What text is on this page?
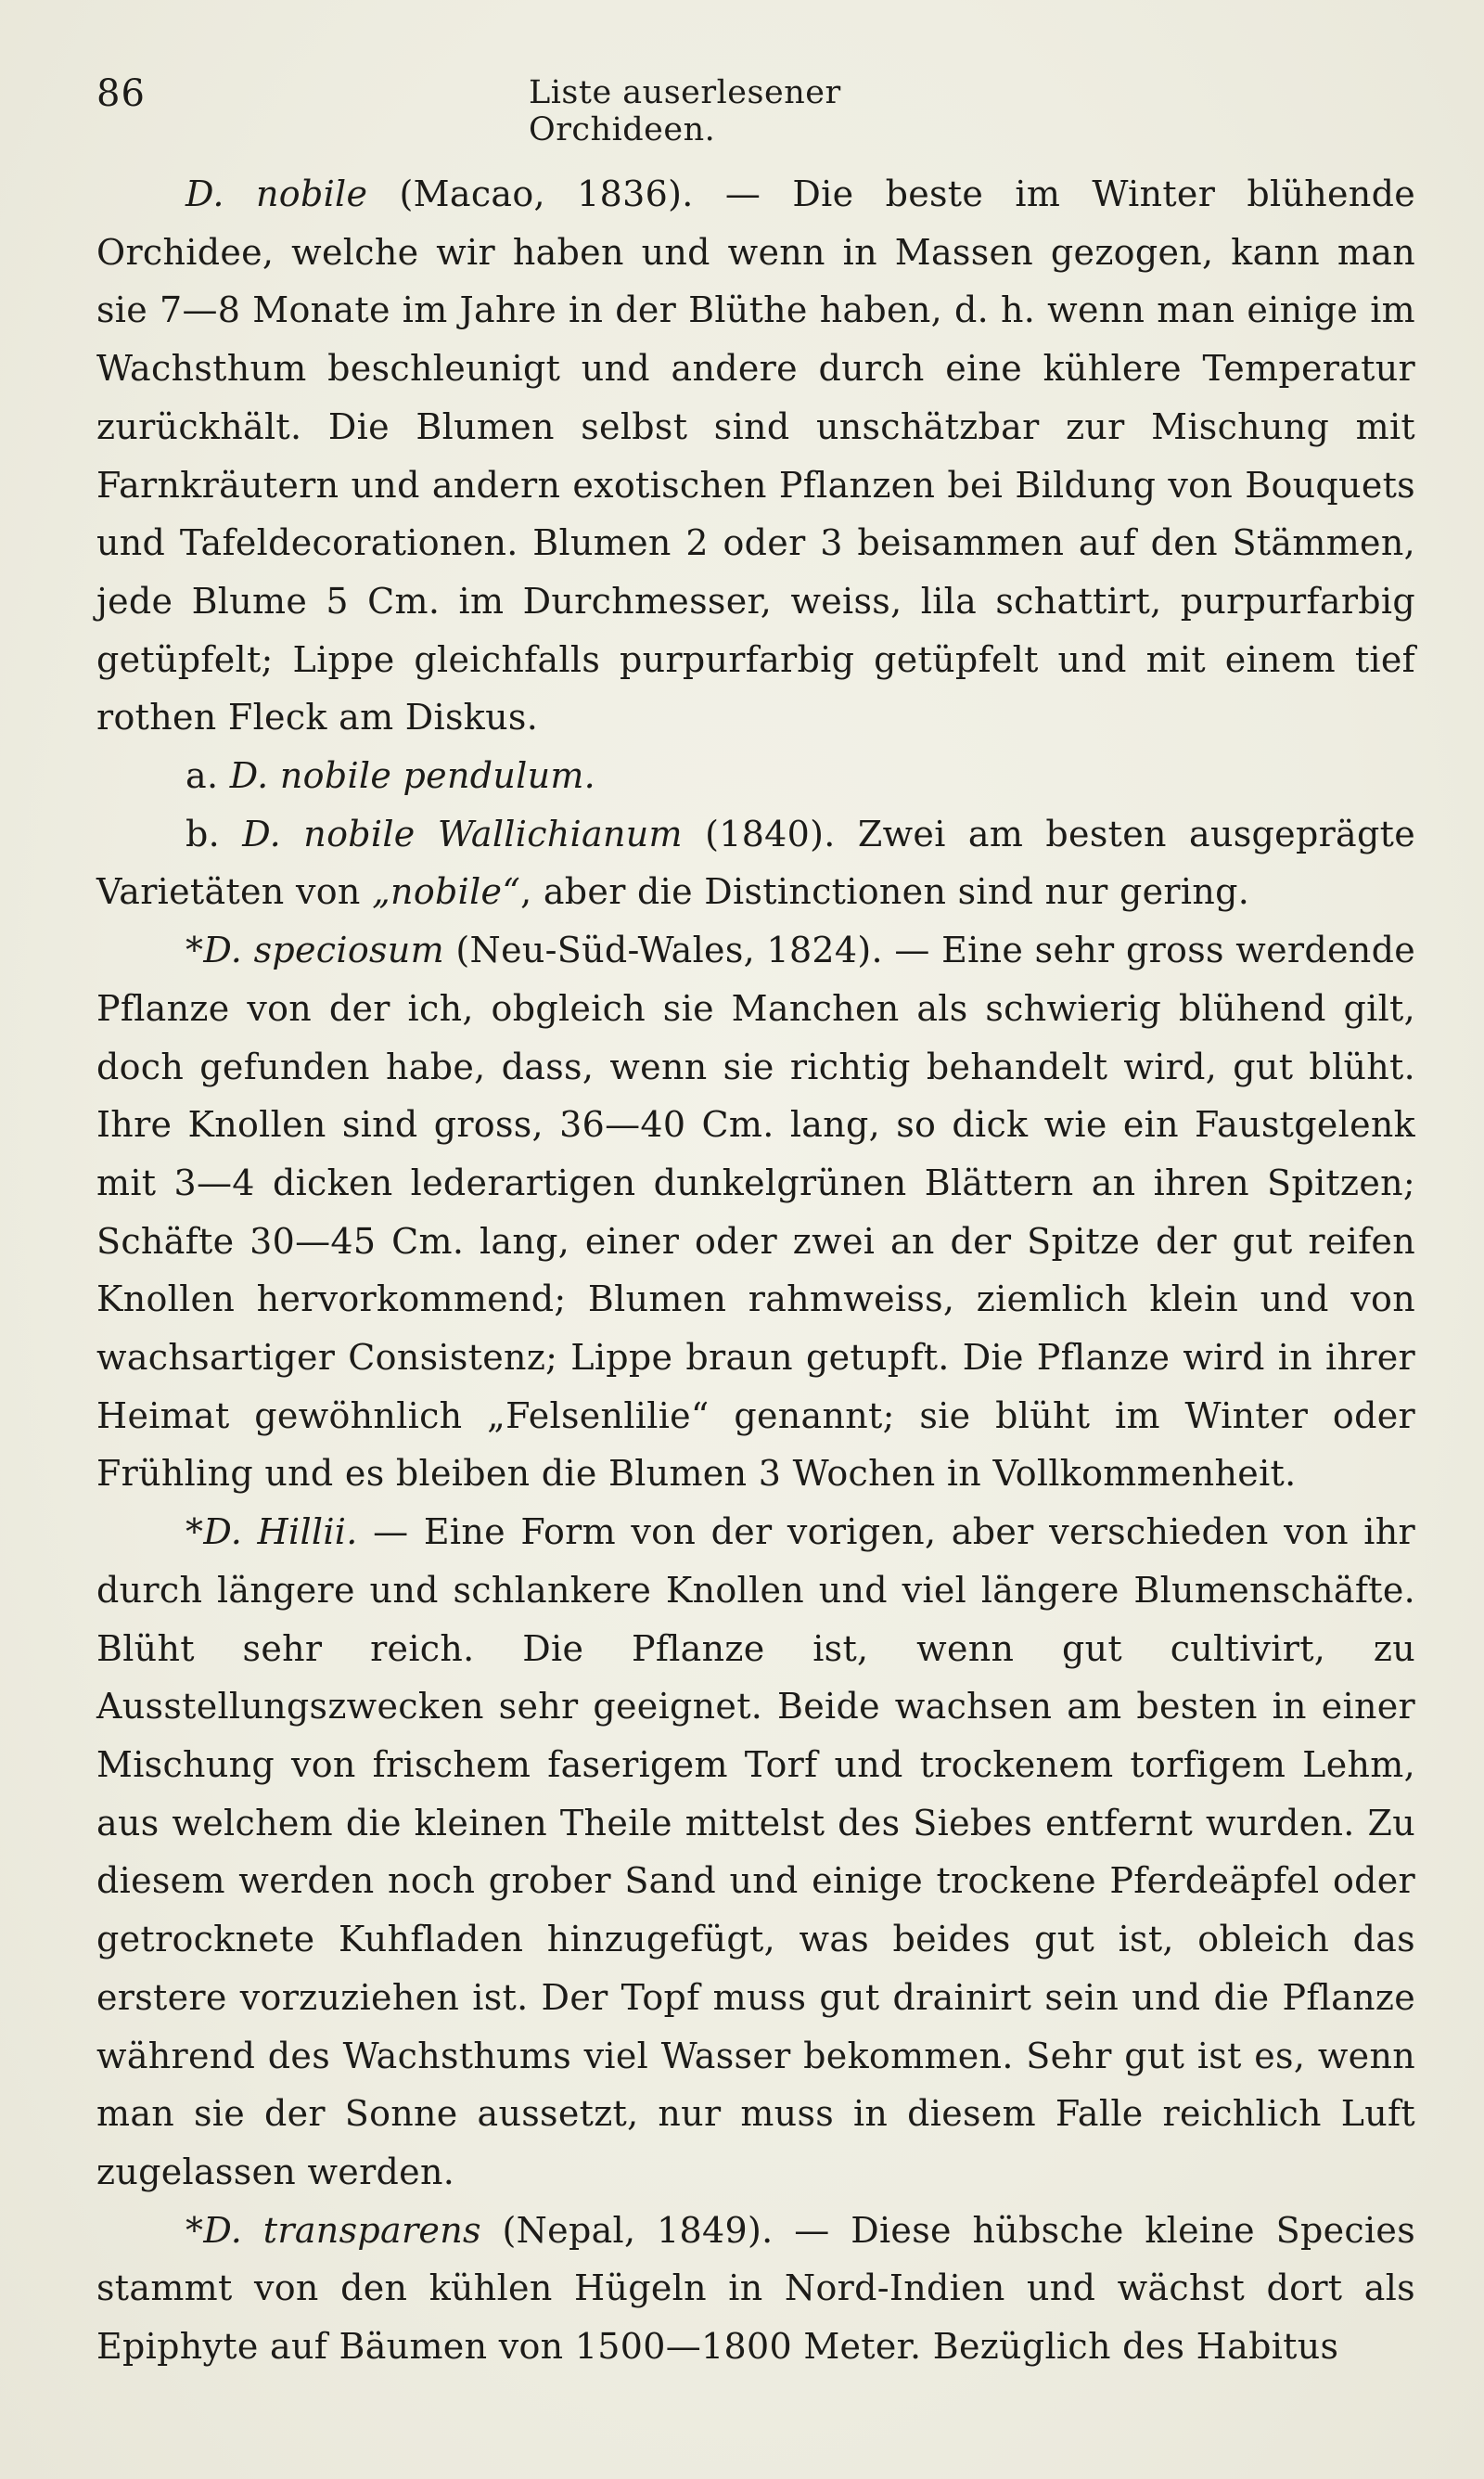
86	Liste auserlesener Orchideen.

D. nobile (Macao, 1836). — Die beste im Winter blühende Orchidee, welche wir haben und wenn in Massen gezogen, kann man sie 7—8 Monate im Jahre in der Blüthe haben, d. h. wenn man einige im Wachsthum beschleunigt und andere durch eine kühlere Temperatur zurückhält. Die Blumen selbst sind unschätzbar zur Mischung mit Farnkräutern und andern exotischen Pflanzen bei Bildung von Bouquets und Tafeldecorationen. Blumen 2 oder 3 beisammen auf den Stämmen, jede Blume 5 Cm. im Durchmesser, weiss, lila schattirt, purpurfarbig getüpfelt; Lippe gleichfalls purpurfarbig getüpfelt und mit einem tief rothen Fleck am Diskus.

a. D. nobile pendulum.

b. D. nobile Wallichianum (1840). Zwei am besten ausgeprägte Varietäten von „nobile“, aber die Distinctionen sind nur gering.

*D. speciosum (Neu-Süd-Wales, 1824). — Eine sehr gross werdende Pflanze von der ich, obgleich sie Manchen als schwierig blühend gilt, doch gefunden habe, dass, wenn sie richtig behandelt wird, gut blüht. Ihre Knollen sind gross, 36—40 Cm. lang, so dick wie ein Faustgelenk mit 3—4 dicken lederartigen dunkelgrünen Blättern an ihren Spitzen; Schäfte 30—45 Cm. lang, einer oder zwei an der Spitze der gut reifen Knollen hervorkommend; Blumen rahmweiss, ziemlich klein und von wachsartiger Consistenz; Lippe braun getupft. Die Pflanze wird in ihrer Heimat gewöhnlich „Felsenlilie“ genannt; sie blüht im Winter oder Frühling und es bleiben die Blumen 3 Wochen in Vollkommenheit.

*D. Hillii. — Eine Form von der vorigen, aber verschieden von ihr durch längere und schlankere Knollen und viel längere Blumenschäfte. Blüht sehr reich. Die Pflanze ist, wenn gut cultivirt, zu Ausstellungszwecken sehr geeignet. Beide wachsen am besten in einer Mischung von frischem faserigem Torf und trockenem torfigem Lehm, aus welchem die kleinen Theile mittelst des Siebes entfernt wurden. Zu diesem werden noch grober Sand und einige trockene Pferdeäpfel oder getrocknete Kuhfladen hinzugefügt, was beides gut ist, obleich das erstere vorzuziehen ist. Der Topf muss gut drainirt sein und die Pflanze während des Wachsthums viel Wasser bekommen. Sehr gut ist es, wenn man sie der Sonne aussetzt, nur muss in diesem Falle reichlich Luft zugelassen werden.

*D. transparens (Nepal, 1849). — Diese hübsche kleine Species stammt von den kühlen Hügeln in Nord-Indien und wächst dort als Epiphyte auf Bäumen von 1500—1800 Meter. Bezüglich des Habitus
